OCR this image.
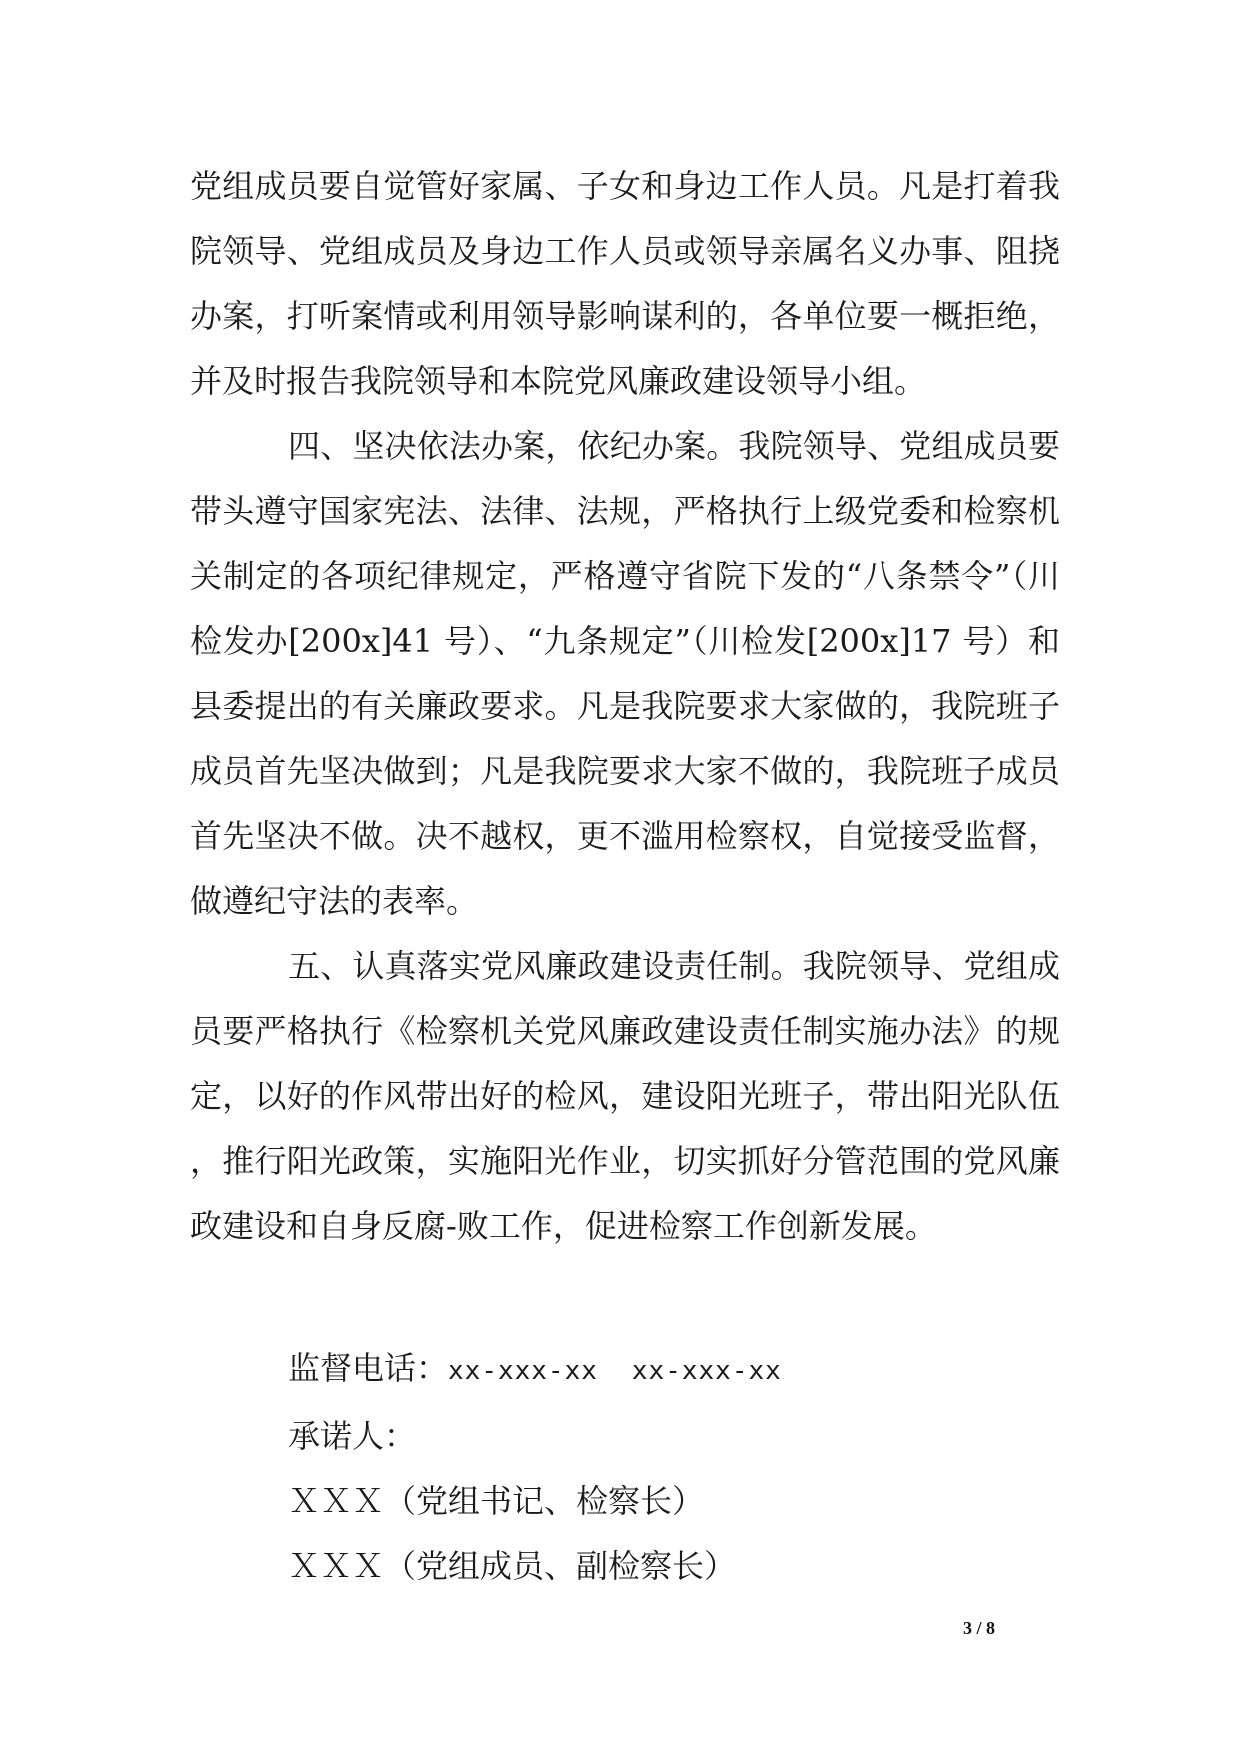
党组成员要自觉管好家属、子女和身边工作人员。凡是打着我院领导、党组成员及身边工作人员或领导亲属名义办事、阻挠办案，打听案情或利用领导影响谋利的，各单位要一概拒绝，并及时报告我院领导和本院党风廉政建设领导小组。

四、坚决依法办案，依纪办案。我院领导、党组成员要带头遵守国家宪法、法律、法规，严格执行上级党委和检察机关制定的各项纪律规定，严格遵守省院下发的“八条禁令”（川检发办[200x]41 号）、“九条规定”（川检发[200x]17 号）和县委提出的有关廉政要求。凡是我院要求大家做的，我院班子成员首先坚决做到；凡是我院要求大家不做的，我院班子成员首先坚决不做。决不越权，更不滥用检察权，自觉接受监督，做遵纪守法的表率。

五、认真落实党风廉政建设责任制。我院领导、党组成员要严格执行《检察机关党风廉政建设责任制实施办法》的规定，以好的作风带出好的检风，建设阳光班子，带出阳光队伍 ，推行阳光政策，实施阳光作业，切实抓好分管范围的党风廉政建设和自身反腐-败工作，促进检察工作创新发展。

监督电话：xx-xxx-xx xx-xxx-xx
承诺人：
ＸＸＸ（党组书记、检察长）
ＸＸＸ（党组成员、副检察长）
3 / 8
